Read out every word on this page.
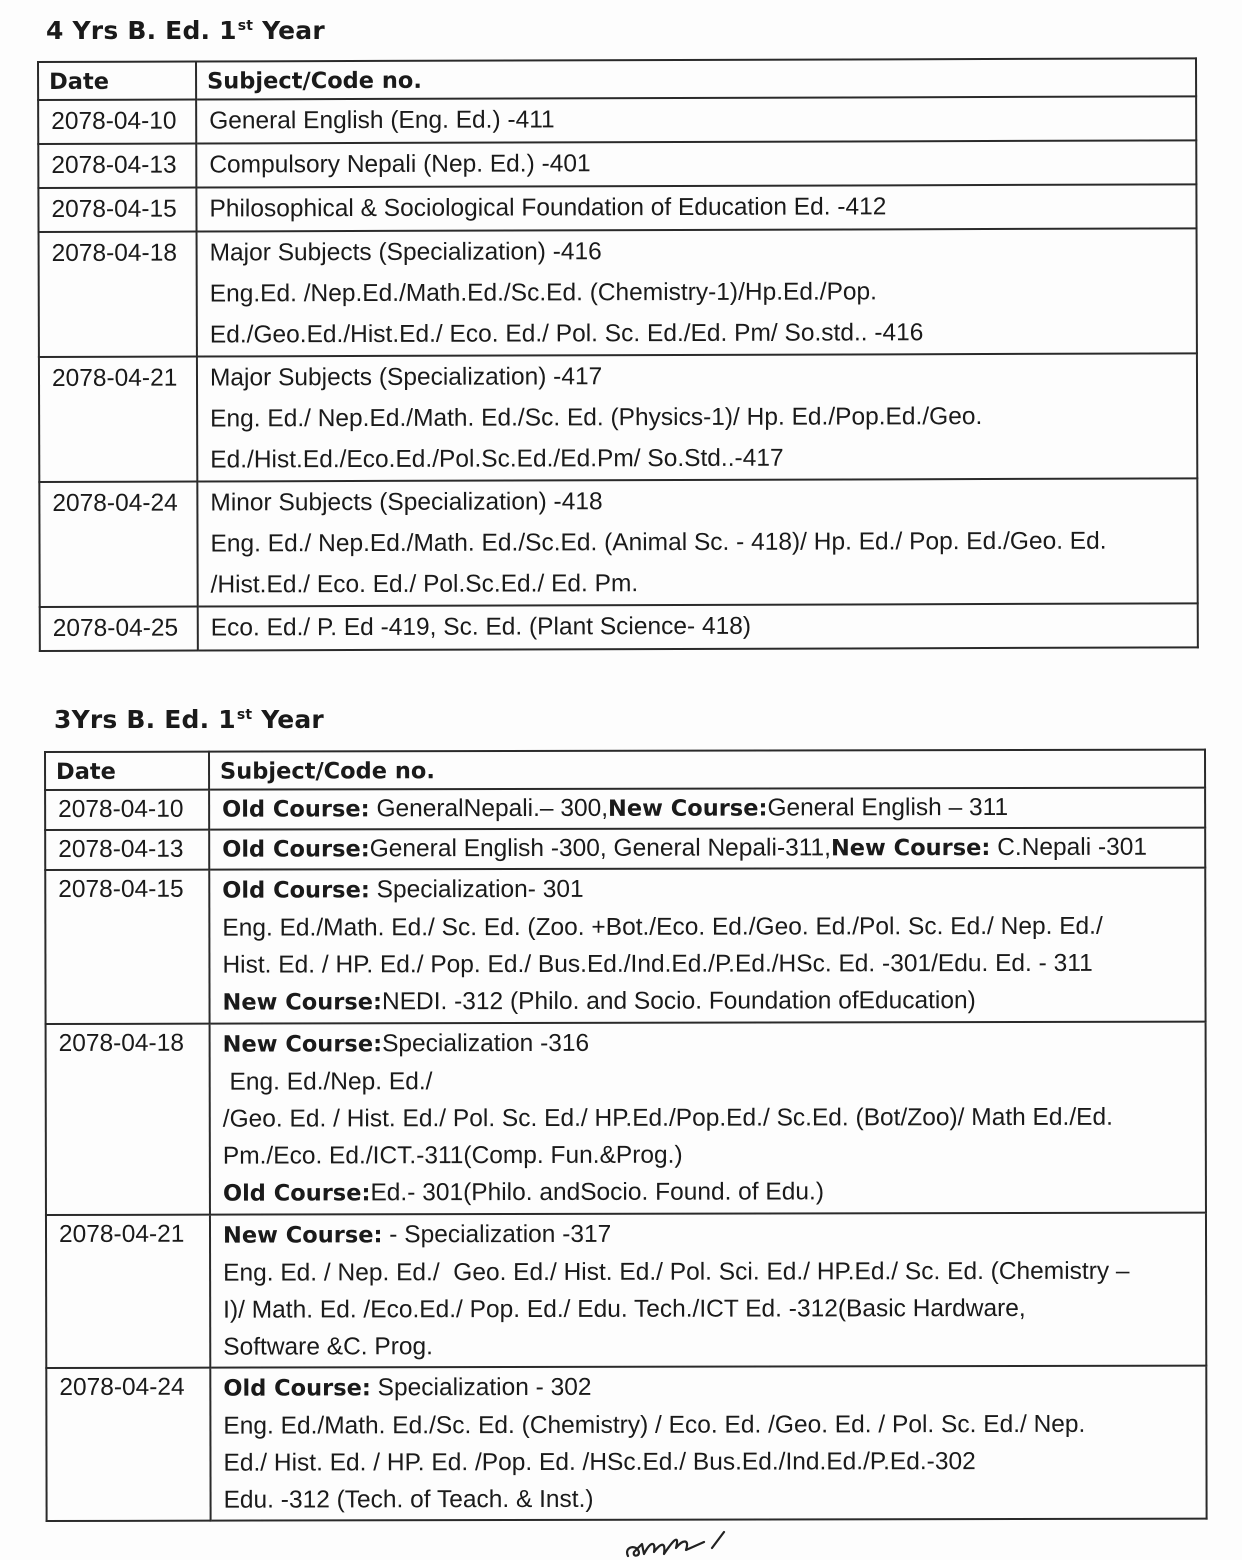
4 Yrs B. Ed. 1st Year
Date	Subject/Code no.
2078-04-10	General English (Eng. Ed.) -411

2078-04-13	Compulsory Nepali (Nep. Ed.) -401

2078-04-15	Philosophical & Sociological Foundation of Education Ed. -412

2078-04-18	Major Subjects (Specialization) -416
Eng.Ed. /Nep.Ed./Math.Ed./Sc.Ed. (Chemistry-1)/Hp.Ed./Pop.
Ed./Geo.Ed./Hist.Ed./ Eco. Ed./ Pol. Sc. Ed./Ed. Pm/ So.std.. -416

2078-04-21	Major Subjects (Specialization) -417
Eng. Ed./ Nep.Ed./Math. Ed./Sc. Ed. (Physics-1)/ Hp. Ed./Pop.Ed./Geo.
Ed./Hist.Ed./Eco.Ed./Pol.Sc.Ed./Ed.Pm/ So.Std..-417

2078-04-24	Minor Subjects (Specialization) -418
Eng. Ed./ Nep.Ed./Math. Ed./Sc.Ed. (Animal Sc. - 418)/ Hp. Ed./ Pop. Ed./Geo. Ed.
/Hist.Ed./ Eco. Ed./ Pol.Sc.Ed./ Ed. Pm.

2078-04-25	Eco. Ed./ P. Ed -419, Sc. Ed. (Plant Science- 418)
3Yrs B. Ed. 1st Year
Date	Subject/Code no.
2078-04-10	Old Course: GeneralNepali.– 300,New Course:General English – 311

2078-04-13	Old Course:General English -300, General Nepali-311,New Course: C.Nepali -301

2078-04-15	Old Course: Specialization- 301
Eng. Ed./Math. Ed./ Sc. Ed. (Zoo. +Bot./Eco. Ed./Geo. Ed./Pol. Sc. Ed./ Nep. Ed./
Hist. Ed. / HP. Ed./ Pop. Ed./ Bus.Ed./Ind.Ed./P.Ed./HSc. Ed. -301/Edu. Ed. - 311
New Course:NEDI. -312 (Philo. and Socio. Foundation ofEducation)

2078-04-18	New Course:Specialization -316
Eng. Ed./Nep. Ed./
/Geo. Ed. / Hist. Ed./ Pol. Sc. Ed./ HP.Ed./Pop.Ed./ Sc.Ed. (Bot/Zoo)/ Math Ed./Ed.
Pm./Eco. Ed./ICT.-311(Comp. Fun.&Prog.)
Old Course:Ed.- 301(Philo. andSocio. Found. of Edu.)

2078-04-21	New Course: - Specialization -317
Eng. Ed. / Nep. Ed./  Geo. Ed./ Hist. Ed./ Pol. Sci. Ed./ HP.Ed./ Sc. Ed. (Chemistry –
I)/ Math. Ed. /Eco.Ed./ Pop. Ed./ Edu. Tech./ICT Ed. -312(Basic Hardware,
Software &C. Prog.

2078-04-24	Old Course: Specialization - 302
Eng. Ed./Math. Ed./Sc. Ed. (Chemistry) / Eco. Ed. /Geo. Ed. / Pol. Sc. Ed./ Nep.
Ed./ Hist. Ed. / HP. Ed. /Pop. Ed. /HSc.Ed./ Bus.Ed./Ind.Ed./P.Ed.-302
Edu. -312 (Tech. of Teach. & Inst.)
